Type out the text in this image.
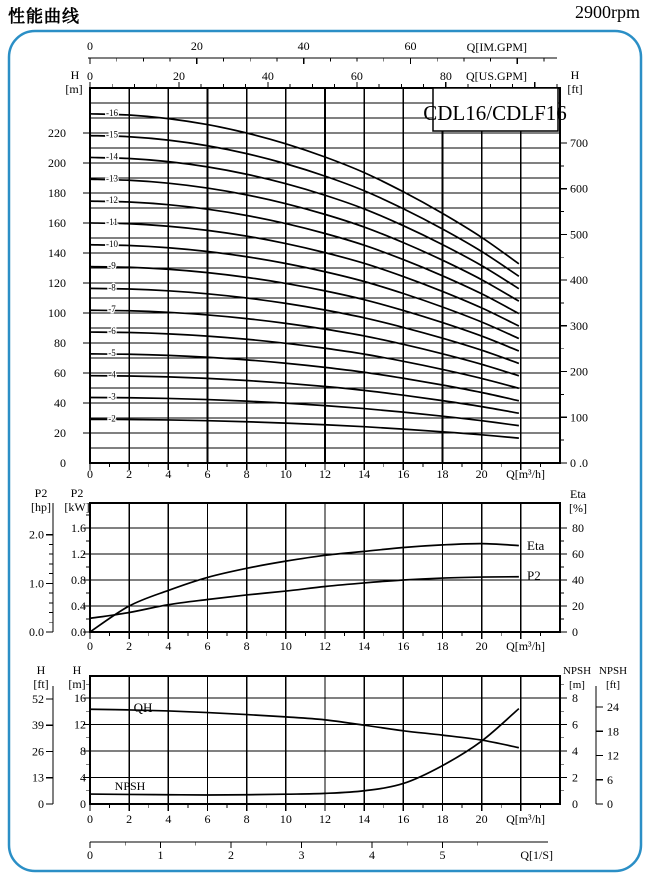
性能曲线	2900rpm
0	20	40	60	80
0	20	40	60
0
20
40
60
80
100
120
140
160
180
200
220
0 .0
100
200
300
400
500
600
700
0	2	4	6	8	10 12 14 16 18 20
-16
-15
-14
-13
-12
-11
-10
-9
-8
-7
-6
-5
-4
-3
-2
0.0
0.4
0.8
1.2
1.6
0.0
1.0
2.0
0
20
40
60
80
0	2	4	6	8	10 12 14 16 18 20
0
4
8
12
16
0
13
26
39
52
0
2
4
6
8
0
6
12
18
24
0	2	4	6	8	10 12 14 16 18 20
0	1	2	3	4	5
CDL16/CDLF16
Q[IM.GPM]
Q[US.GPM]
H
[m]
H
[ft]
Q[m³/h]
P2
[hp]
P2
[kW]
Eta
[%]
Eta
P2
Q[m³/h]
H
[ft]
H
[m]
NPSH
[m]
NPSH
[ft]
QH
NPSH
Q[m³/h]
Q[1/S]
